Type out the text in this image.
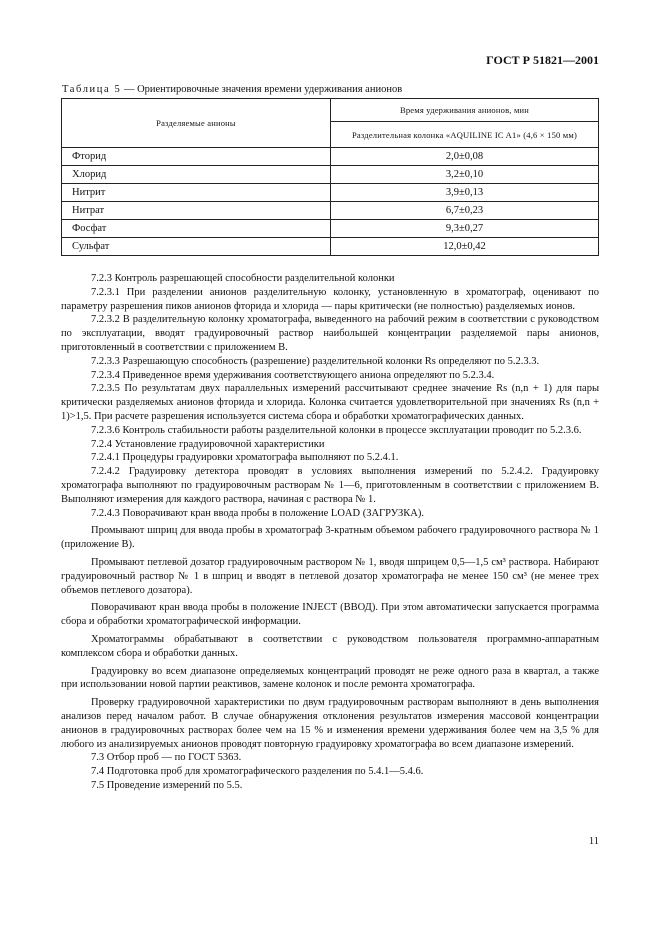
ГОСТ Р 51821—2001
Таблица 5 — Ориентировочные значения времени удерживания анионов
Разделяемые анионы	Время удерживания анионов, мин
	Разделительная колонка «AQUILINE IC A1» (4,6 × 150 мм)
Фторид	2,0±0,08
Хлорид	3,2±0,10
Нитрит	3,9±0,13
Нитрат	6,7±0,23
Фосфат	9,3±0,27
Сульфат	12,0±0,42

7.2.3 Контроль разрешающей способности разделительной колонки

7.2.3.1 При разделении анионов разделительную колонку, установленную в хроматограф, оценивают по параметру разрешения пиков анионов фторида и хлорида — пары критически (не полностью) разделяемых ионов.

7.2.3.2 В разделительную колонку хроматографа, выведенного на рабочий режим в соответствии с руководством по эксплуатации, вводят градуировочный раствор наибольшей концентрации разделяемой пары анионов, приготовленный в соответствии с приложением В.

7.2.3.3 Разрешающую способность (разрешение) разделительной колонки Rs определяют по 5.2.3.3.

7.2.3.4 Приведенное время удерживания соответствующего аниона определяют по 5.2.3.4.

7.2.3.5 По результатам двух параллельных измерений рассчитывают среднее значение Rs (n,n + 1) для пары критически разделяемых анионов фторида и хлорида. Колонка считается удовлетворительной при значениях Rs (n,n + 1)>1,5. При расчете разрешения используется система сбора и обработки хроматографических данных.

7.2.3.6 Контроль стабильности работы разделительной колонки в процессе эксплуатации проводит по 5.2.3.6.

7.2.4 Установление градуировочной характеристики

7.2.4.1 Процедуры градуировки хроматографа выполняют по 5.2.4.1.

7.2.4.2 Градуировку детектора проводят в условиях выполнения измерений по 5.2.4.2. Градуировку хроматографа выполняют по градуировочным растворам № 1—6, приготовленным в соответствии с приложением В. Выполняют измерения для каждого раствора, начиная с раствора № 1.

7.2.4.3 Поворачивают кран ввода пробы в положение LOAD (ЗАГРУЗКА).

Промывают шприц для ввода пробы в хроматограф 3-кратным объемом рабочего градуировочного раствора № 1 (приложение В).

Промывают петлевой дозатор градуировочным раствором № 1, вводя шприцем 0,5—1,5 см³ раствора. Набирают градуировочный раствор № 1 в шприц и вводят в петлевой дозатор хроматографа не менее 150 см³ (не менее трех объемов петлевого дозатора).

Поворачивают кран ввода пробы в положение INJECT (ВВОД). При этом автоматически запускается программа сбора и обработки хроматографической информации.

Хроматограммы обрабатывают в соответствии с руководством пользователя программно-аппаратным комплексом сбора и обработки данных.

Градуировку во всем диапазоне определяемых концентраций проводят не реже одного раза в квартал, а также при использовании новой партии реактивов, замене колонок и после ремонта хроматографа.

Проверку градуировочной характеристики по двум градуировочным растворам выполняют в день выполнения анализов перед началом работ. В случае обнаружения отклонения результатов измерения массовой концентрации анионов в градуировочных растворах более чем на 15 % и изменения времени удерживания более чем на 3,5 % для любого из анализируемых анионов проводят повторную градуировку хроматографа во всем диапазоне измерений.

7.3 Отбор проб — по ГОСТ 5363.

7.4 Подготовка проб для хроматографического разделения по 5.4.1—5.4.6.

7.5 Проведение измерений по 5.5.

11
